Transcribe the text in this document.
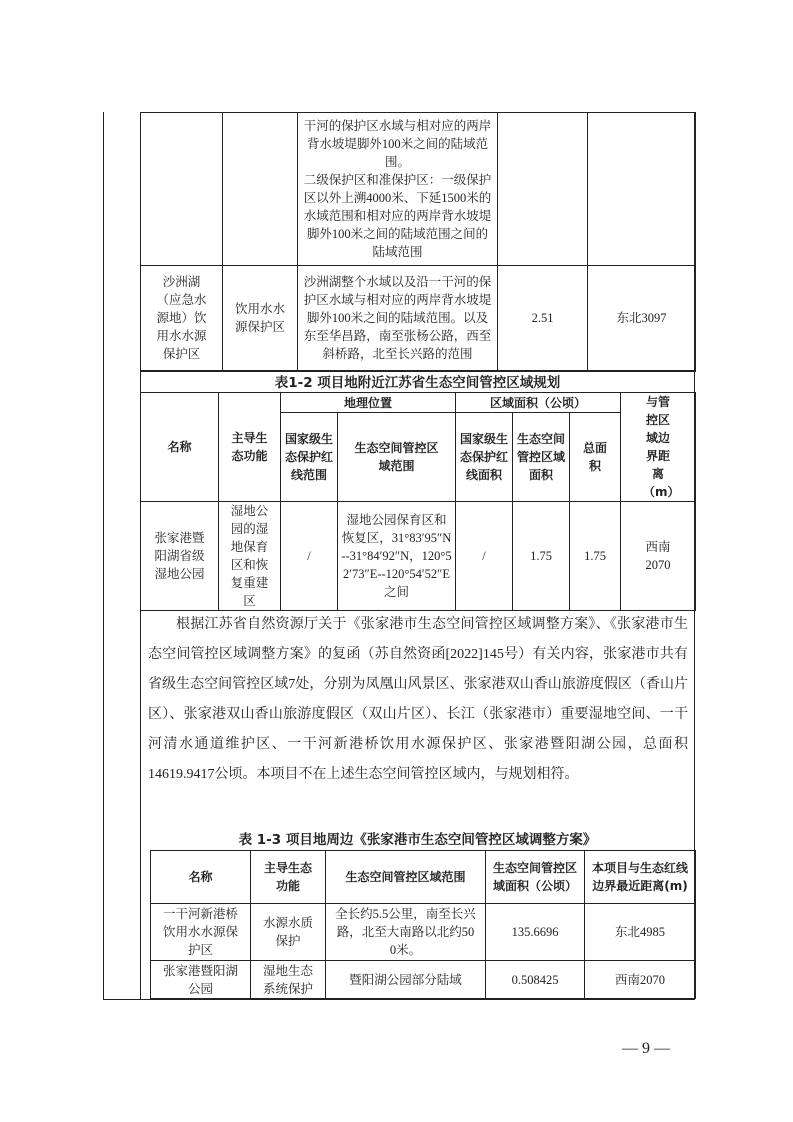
		干河的保护区水域与相对应的两岸背水坡堤脚外100米之间的陆域范围。
二级保护区和准保护区：一级保护区以外上溯4000米、下延1500米的水域范围和相对应的两岸背水坡堤脚外100米之间的陆域范围之间的陆域范围		
沙洲湖（应急水源地）饮用水水源保护区	饮用水水源保护区	沙洲湖整个水域以及沿一干河的保护区水域与相对应的两岸背水坡堤脚外100米之间的陆域范围。以及东至华昌路，南至张杨公路，西至斜桥路，北至长兴路的范围	2.51	东北3097
表1-2 项目地附近江苏省生态空间管控区域规划
名称	主导生态功能	地理位置		区域面积（公顷）			与管控区域边界距离（m）
		国家级生态保护红线范围	生态空间管控区域范围	国家级生态保护红线面积	生态空间管控区域面积	总面积	
张家港暨阳湖省级湿地公园	湿地公园的湿地保育区和恢复重建区	/	湿地公园保育区和恢复区，31°83′95″N--31°84′92″N，120°52′73″E--120°54′52″E之间	/	1.75	1.75	西南2070
根据江苏省自然资源厅关于《张家港市生态空间管控区域调整方案》、《张家港市生态空间管控区域调整方案》的复函（苏自然资函[2022]145号）有关内容，张家港市共有省级生态空间管控区域7处，分别为凤凰山风景区、张家港双山香山旅游度假区（香山片区）、张家港双山香山旅游度假区（双山片区）、长江（张家港市）重要湿地空间、一干河清水通道维护区、一干河新港桥饮用水源保护区、张家港暨阳湖公园，总面积14619.9417公顷。本项目不在上述生态空间管控区域内，与规划相符。
表 1-3 项目地周边《张家港市生态空间管控区域调整方案》
名称	主导生态功能	生态空间管控区域范围	生态空间管控区域面积（公顷）	本项目与生态红线边界最近距离(m)
一干河新港桥饮用水水源保护区	水源水质保护	全长约5.5公里，南至长兴路，北至大南路以北约500米。	135.6696	东北4985
张家港暨阳湖公园	湿地生态系统保护	暨阳湖公园部分陆域	0.508425	西南2070
— 9 —
